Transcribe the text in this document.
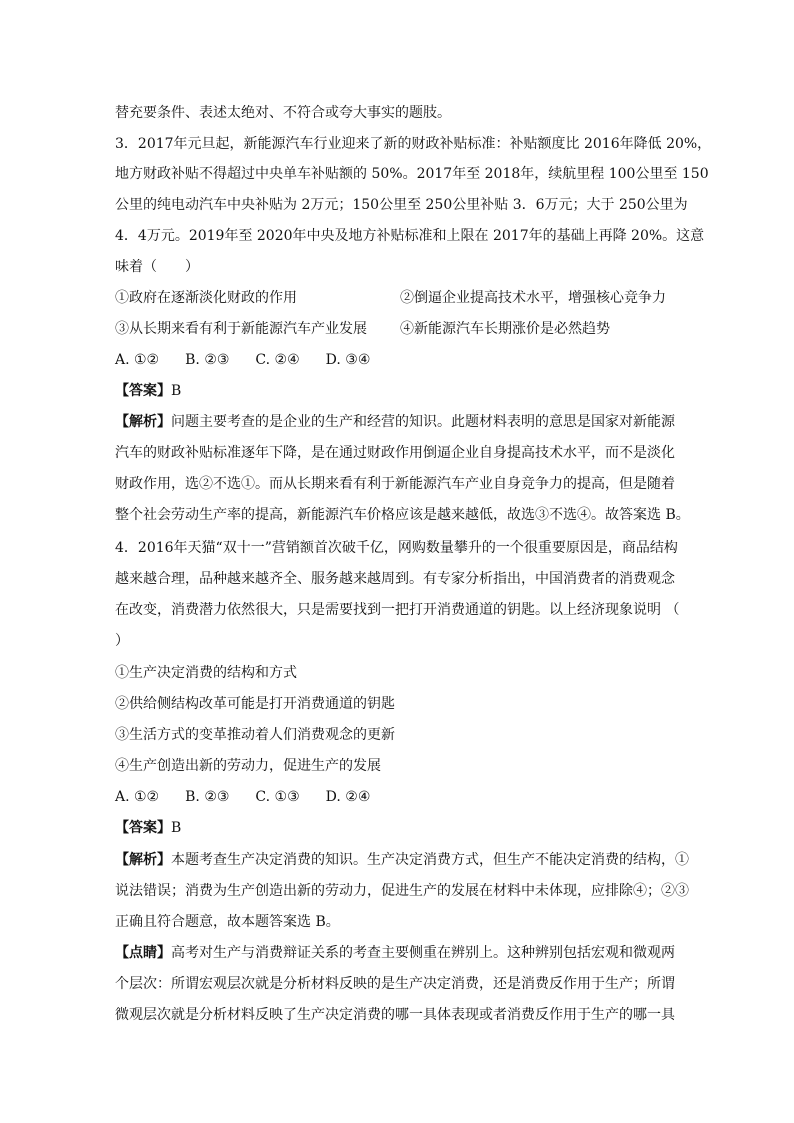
替充要条件、表述太绝对、不符合或夸大事实的题肢。
3．2017年元旦起，新能源汽车行业迎来了新的财政补贴标准：补贴额度比 2016年降低 20%，
地方财政补贴不得超过中央单车补贴额的 50%。2017年至 2018年，续航里程 100公里至 150
公里的纯电动汽车中央补贴为 2万元；150公里至 250公里补贴 3．6万元；大于 250公里为
4．4万元。2019年至 2020年中央及地方补贴标准和上限在 2017年的基础上再降 20%。这意
味着（　　）
①政府在逐渐淡化财政的作用	②倒逼企业提高技术水平，增强核心竞争力
③从长期来看有利于新能源汽车产业发展 ④新能源汽车长期涨价是必然趋势
A. ①② B. ②③ C. ②④ D. ③④
【答案】B
【解析】问题主要考查的是企业的生产和经营的知识。此题材料表明的意思是国家对新能源
汽车的财政补贴标准逐年下降，是在通过财政作用倒逼企业自身提高技术水平，而不是淡化
财政作用，选②不选①。而从长期来看有利于新能源汽车产业自身竞争力的提高，但是随着
整个社会劳动生产率的提高，新能源汽车价格应该是越来越低，故选③不选④。故答案选 B。
4．2016年天猫“双十一”营销额首次破千亿，网购数量攀升的一个很重要原因是，商品结构
越来越合理，品种越来越齐全、服务越来越周到。有专家分析指出，中国消费者的消费观念
在改变，消费潜力依然很大，只是需要找到一把打开消费通道的钥匙。以上经济现象说明 （
）
①生产决定消费的结构和方式
②供给侧结构改革可能是打开消费通道的钥匙
③生活方式的变革推动着人们消费观念的更新
④生产创造出新的劳动力，促进生产的发展
A. ①② B. ②③ C. ①③ D. ②④
【答案】B
【解析】本题考查生产决定消费的知识。生产决定消费方式，但生产不能决定消费的结构，①
说法错误；消费为生产创造出新的劳动力，促进生产的发展在材料中未体现，应排除④；②③
正确且符合题意，故本题答案选 B。
【点睛】高考对生产与消费辩证关系的考查主要侧重在辨别上。这种辨别包括宏观和微观两
个层次：所谓宏观层次就是分析材料反映的是生产决定消费，还是消费反作用于生产；所谓
微观层次就是分析材料反映了生产决定消费的哪一具体表现或者消费反作用于生产的哪一具
